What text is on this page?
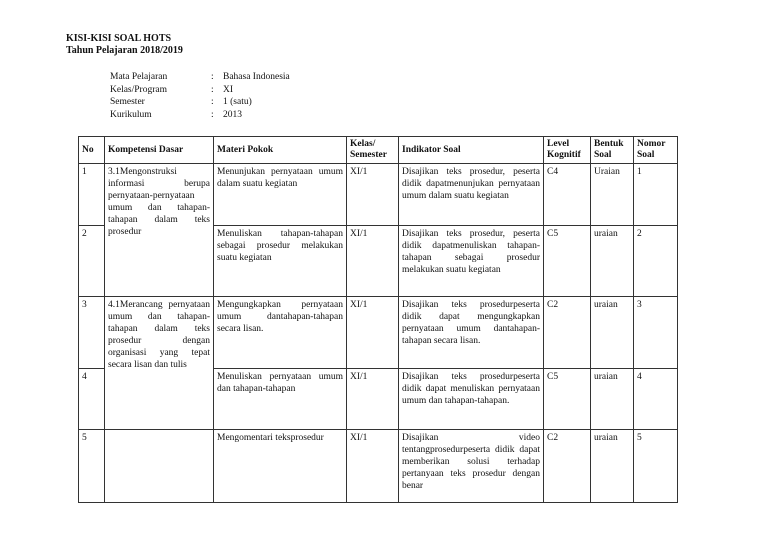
KISI-KISI SOAL HOTS
Tahun Pelajaran 2018/2019
Mata Pelajaran	:	Bahasa Indonesia
Kelas/Program	:	XI
Semester	:	1 (satu)
Kurikulum	:	2013
No	Kompetensi Dasar	Materi Pokok	Kelas/ Semester	Indikator Soal	Level Kognitif	Bentuk Soal	Nomor Soal
1	3.1Mengonstruksi informasi berupa pernyataan-pernyataan umum dan tahapan-tahapan dalam teks prosedur	Menunjukan pernyataan umum dalam suatu kegiatan	XI/1	Disajikan teks prosedur, peserta didik dapatmenunjukan pernyataan umum dalam suatu kegiatan	C4	Uraian	1
2		Menuliskan tahapan-tahapan sebagai prosedur melakukan suatu kegiatan	XI/1	Disajikan teks prosedur, peserta didik dapatmenuliskan tahapan-tahapan sebagai prosedur melakukan suatu kegiatan	C5	uraian	2
3	4.1Merancang pernyataan umum dan tahapan-tahapan dalam teks prosedur dengan organisasi yang tepat secara lisan dan tulis	Mengungkapkan pernyataan umum dantahapan-tahapan secara lisan.	XI/1	Disajikan teks prosedurpeserta didik dapat mengungkapkan pernyataan umum dantahapan-tahapan secara lisan.	C2	uraian	3
4		Menuliskan pernyataan umum dan tahapan-tahapan	XI/1	Disajikan teks prosedurpeserta didik dapat menuliskan pernyataan umum dan tahapan-tahapan.	C5	uraian	4
5		Mengomentari teksprosedur	XI/1	Disajikan video tentangprosedurpeserta didik dapat memberikan solusi terhadap pertanyaan teks prosedur dengan benar	C2	uraian	5
